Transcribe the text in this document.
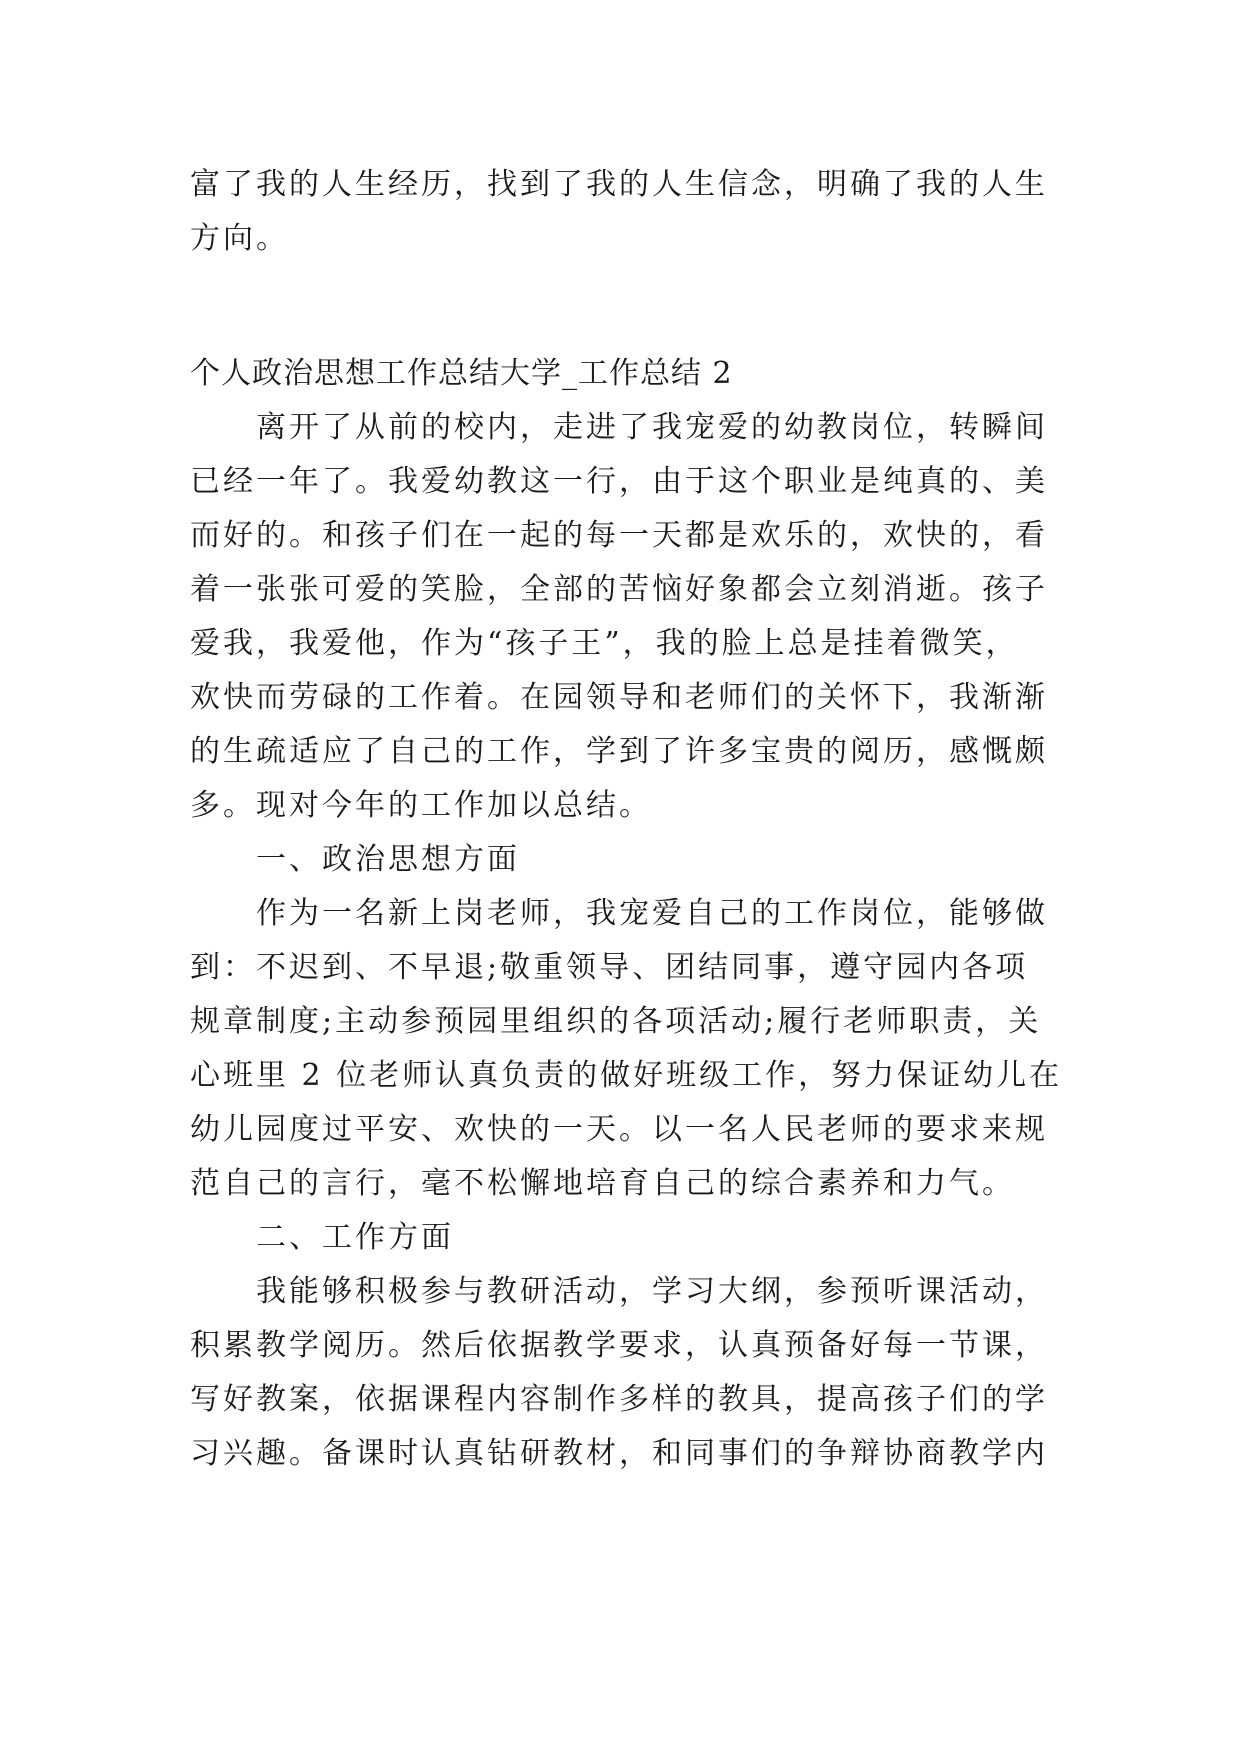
富了我的人生经历，找到了我的人生信念，明确了我的人生
方向。
个人政治思想工作总结大学_工作总结 2
离开了从前的校内，走进了我宠爱的幼教岗位，转瞬间
已经一年了。我爱幼教这一行，由于这个职业是纯真的、美
而好的。和孩子们在一起的每一天都是欢乐的，欢快的，看
着一张张可爱的笑脸，全部的苦恼好象都会立刻消逝。孩子
爱我，我爱他，作为“孩子王”，我的脸上总是挂着微笑，
欢快而劳碌的工作着。在园领导和老师们的关怀下，我渐渐
的生疏适应了自己的工作，学到了许多宝贵的阅历，感慨颇
多。现对今年的工作加以总结。
一、政治思想方面
作为一名新上岗老师，我宠爱自己的工作岗位，能够做
到：不迟到、不早退;敬重领导、团结同事，遵守园内各项
规章制度;主动参预园里组织的各项活动;履行老师职责，关
心班里 2 位老师认真负责的做好班级工作，努力保证幼儿在
幼儿园度过平安、欢快的一天。以一名人民老师的要求来规
范自己的言行，毫不松懈地培育自己的综合素养和力气。
二、工作方面
我能够积极参与教研活动，学习大纲，参预听课活动，
积累教学阅历。然后依据教学要求，认真预备好每一节课，
写好教案，依据课程内容制作多样的教具，提高孩子们的学
习兴趣。备课时认真钻研教材，和同事们的争辩协商教学内
